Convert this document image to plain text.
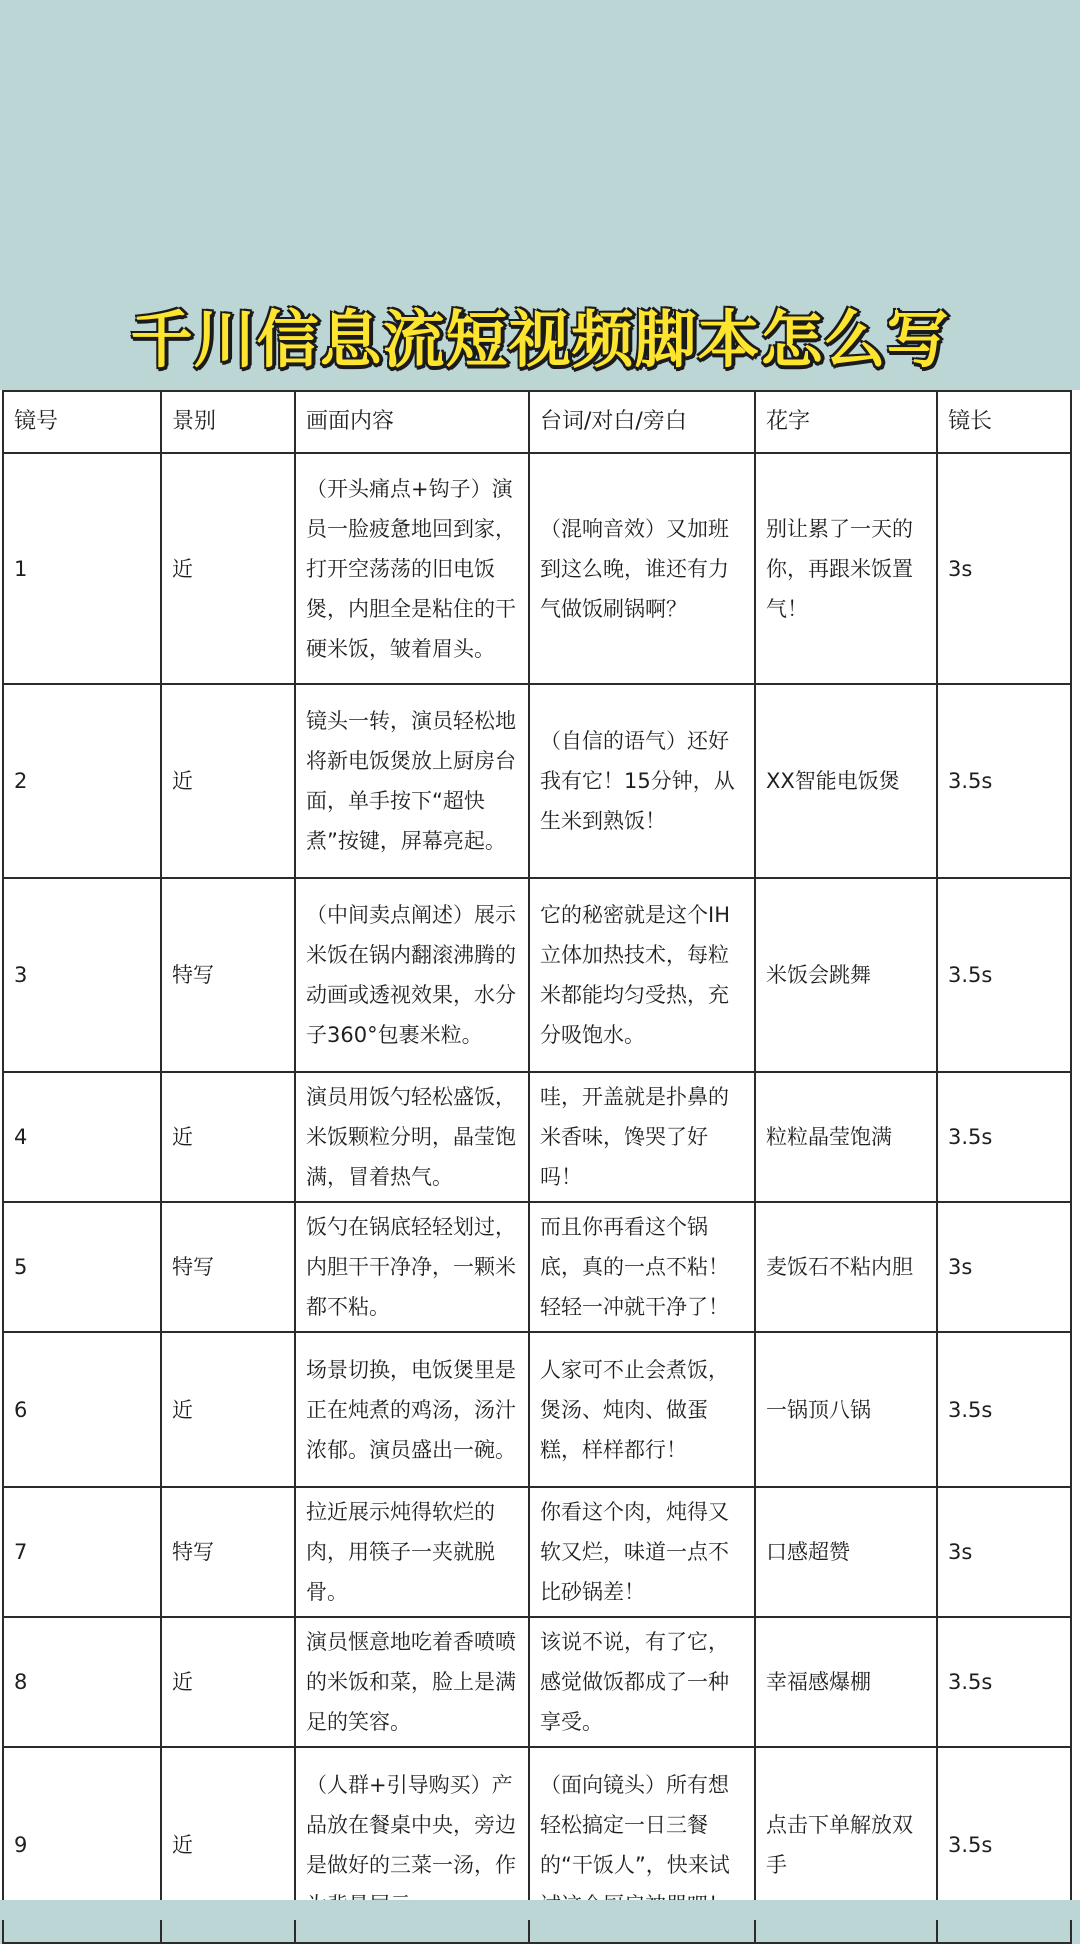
千川信息流短视频脚本怎么写
镜号	景别	画面内容	台词/对白/旁白	花字	镜长
1	近	（开头痛点+钩子）演员一脸疲惫地回到家，打开空荡荡的旧电饭煲，内胆全是粘住的干硬米饭，皱着眉头。	（混响音效）又加班到这么晚，谁还有力气做饭刷锅啊？	别让累了一天的你，再跟米饭置气！	3s
2	近	镜头一转，演员轻松地将新电饭煲放上厨房台面，单手按下“超快煮”按键，屏幕亮起。	（自信的语气）还好我有它！15分钟，从生米到熟饭！	XX智能电饭煲	3.5s
3	特写	（中间卖点阐述）展示米饭在锅内翻滚沸腾的动画或透视效果，水分子360°包裹米粒。	它的秘密就是这个IH立体加热技术，每粒米都能均匀受热，充分吸饱水。	米饭会跳舞	3.5s
4	近	演员用饭勺轻松盛饭，米饭颗粒分明，晶莹饱满，冒着热气。	哇，开盖就是扑鼻的米香味，馋哭了好吗！	粒粒晶莹饱满	3.5s
5	特写	饭勺在锅底轻轻划过，内胆干干净净，一颗米都不粘。	而且你再看这个锅底，真的一点不粘！轻轻一冲就干净了！	麦饭石不粘内胆	3s
6	近	场景切换，电饭煲里是正在炖煮的鸡汤，汤汁浓郁。演员盛出一碗。	人家可不止会煮饭，煲汤、炖肉、做蛋糕，样样都行！	一锅顶八锅	3.5s
7	特写	拉近展示炖得软烂的肉，用筷子一夹就脱骨。	你看这个肉，炖得又软又烂，味道一点不比砂锅差！	口感超赞	3s
8	近	演员惬意地吃着香喷喷的米饭和菜，脸上是满足的笑容。	该说不说，有了它，感觉做饭都成了一种享受。	幸福感爆棚	3.5s
9	近	（人群+引导购买）产品放在餐桌中央，旁边是做好的三菜一汤，作	（面向镜头）所有想轻松搞定一日三餐的“干饭人”，快来试	点击下单解放双手	3.5s
